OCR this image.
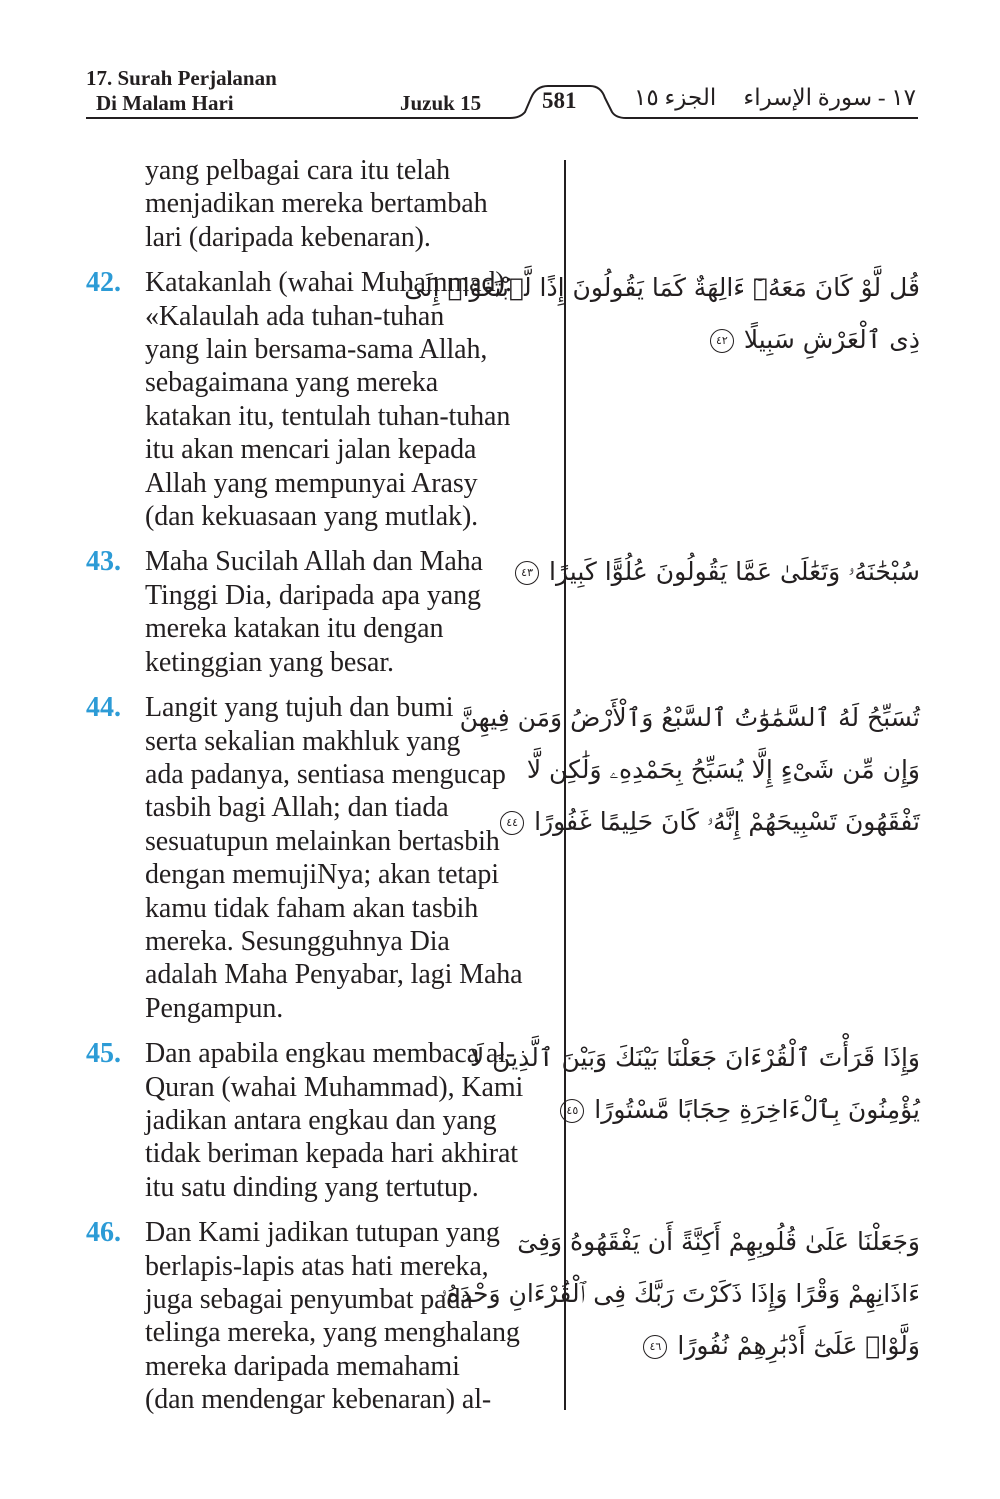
17. Surah Perjalanan
Di Malam Hari	Juzuk 15	581	الجزء ١٥	١٧ - سورة الإسراء
yang pelbagai cara itu telah
menjadikan mereka bertambah
lari (daripada kebenaran).
42. Katakanlah (wahai Muhammad):
«Kalaulah ada tuhan-tuhan
yang lain bersama-sama Allah,
sebagaimana yang mereka
katakan itu, tentulah tuhan-tuhan
itu akan mencari jalan kepada
Allah yang mempunyai Arasy
(dan kekuasaan yang mutlak).
43. Maha Sucilah Allah dan Maha
Tinggi Dia, daripada apa yang
mereka katakan itu dengan
ketinggian yang besar.
44. Langit yang tujuh dan bumi
serta sekalian makhluk yang
ada padanya, sentiasa mengucap
tasbih bagi Allah; dan tiada
sesuatupun melainkan bertasbih
dengan memujiNya; akan tetapi
kamu tidak faham akan tasbih
mereka. Sesungguhnya Dia
adalah Maha Penyabar, lagi Maha
Pengampun.
45. Dan apabila engkau membaca al-
Quran (wahai Muhammad), Kami
jadikan antara engkau dan yang
tidak beriman kepada hari akhirat
itu satu dinding yang tertutup.
46. Dan Kami jadikan tutupan yang
berlapis-lapis atas hati mereka,
juga sebagai penyumbat pada
telinga mereka, yang menghalang
mereka daripada memahami
(dan mendengar kebenaran) al-
قُل لَّوْ كَانَ مَعَهُۥٓ ءَالِهَةٌ كَمَا يَقُولُونَ إِذًا لَّٱبْتَغَوْا۟ إِلَىٰ
ذِى ٱلْعَرْشِ سَبِيلًا ٤٢
سُبْحَٰنَهُۥ وَتَعَٰلَىٰ عَمَّا يَقُولُونَ عُلُوًّا كَبِيرًا ٤٣
تُسَبِّحُ لَهُ ٱلسَّمَٰوَٰتُ ٱلسَّبْعُ وَٱلْأَرْضُ وَمَن فِيهِنَّ
وَإِن مِّن شَىْءٍ إِلَّا يُسَبِّحُ بِحَمْدِهِۦ وَلَٰكِن لَّا
تَفْقَهُونَ تَسْبِيحَهُمْ إِنَّهُۥ كَانَ حَلِيمًا غَفُورًا ٤٤
وَإِذَا قَرَأْتَ ٱلْقُرْءَانَ جَعَلْنَا بَيْنَكَ وَبَيْنَ ٱلَّذِينَ لَا
يُؤْمِنُونَ بِٱلْءَاخِرَةِ حِجَابًا مَّسْتُورًا ٤٥
وَجَعَلْنَا عَلَىٰ قُلُوبِهِمْ أَكِنَّةً أَن يَفْقَهُوهُ وَفِىٓ
ءَاذَانِهِمْ وَقْرًا وَإِذَا ذَكَرْتَ رَبَّكَ فِى ٱلْقُرْءَانِ وَحْدَهُۥ
وَلَّوْا۟ عَلَىٰٓ أَدْبَٰرِهِمْ نُفُورًا ٤٦
